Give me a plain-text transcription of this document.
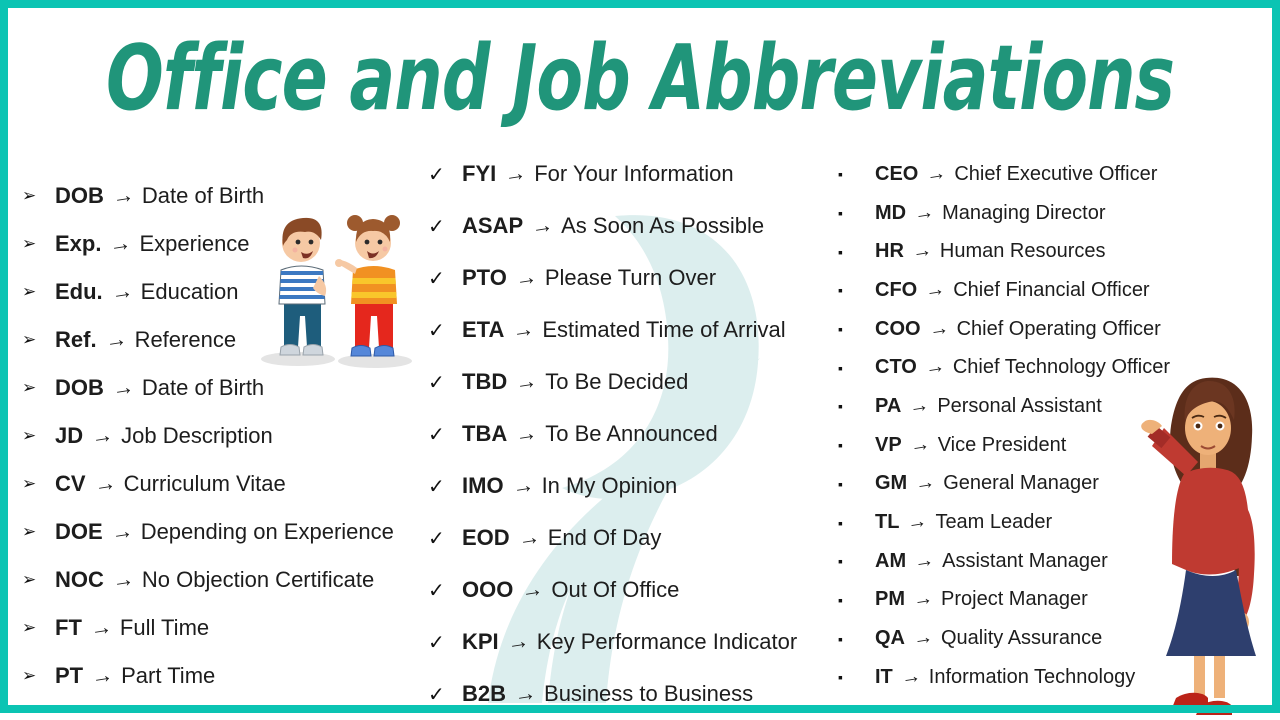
Office and Job Abbreviations
➢ DOB → Date of Birth
➢ Exp. → Experience
➢ Edu. → Education
➢ Ref. → Reference
➢ DOB → Date of Birth
➢ JD → Job Description
➢ CV → Curriculum Vitae
➢ DOE → Depending on Experience
➢ NOC → No Objection Certificate
➢ FT → Full Time
➢ PT → Part Time
✓ FYI → For Your Information
✓ ASAP → As Soon As Possible
✓ PTO → Please Turn Over
✓ ETA → Estimated Time of Arrival
✓ TBD → To Be Decided
✓ TBA → To Be Announced
✓ IMO → In My Opinion
✓ EOD → End Of Day
✓ OOO → Out Of Office
✓ KPI → Key Performance Indicator
✓ B2B → Business to Business
▪	CEO → Chief Executive Officer
▪	MD → Managing Director
▪	HR → Human Resources
▪	CFO → Chief Financial Officer
▪	COO → Chief Operating Officer
▪	CTO → Chief Technology Officer
▪	PA → Personal Assistant
▪	VP → Vice President
▪	GM → General Manager
▪	TL → Team Leader
▪	AM → Assistant Manager
▪	PM → Project Manager
▪	QA → Quality Assurance
▪	IT → Information Technology
